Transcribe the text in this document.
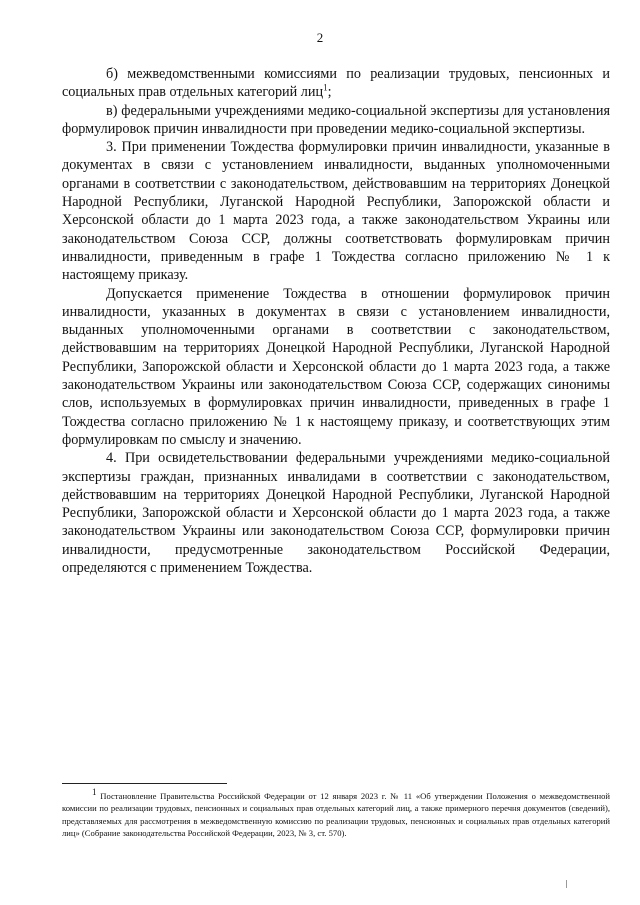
2

б) межведомственными комиссиями по реализации трудовых, пенсионных и социальных прав отдельных категорий лиц$^1$;

в) федеральными учреждениями медико-социальной экспертизы для установления формулировок причин инвалидности при проведении медико-социальной экспертизы.

3. При применении Тождества формулировки причин инвалидности, указанные в документах в связи с установлением инвалидности, выданных уполномоченными органами в соответствии с законодательством, действовавшим на территориях Донецкой Народной Республики, Луганской Народной Республики, Запорожской области и Херсонской области до 1 марта 2023 года, а также законодательством Украины или законодательством Союза ССР, должны соответствовать формулировкам причин инвалидности, приведенным в графе 1 Тождества согласно приложению № 1 к настоящему приказу.

Допускается применение Тождества в отношении формулировок причин инвалидности, указанных в документах в связи с установлением инвалидности, выданных уполномоченными органами в соответствии с законодательством, действовавшим на территориях Донецкой Народной Республики, Луганской Народной Республики, Запорожской области и Херсонской области до 1 марта 2023 года, а также законодательством Украины или законодательством Союза ССР, содержащих синонимы слов, используемых в формулировках причин инвалидности, приведенных в графе 1 Тождества согласно приложению № 1 к настоящему приказу, и соответствующих этим формулировкам по смыслу и значению.

4. При освидетельствовании федеральными учреждениями медико-социальной экспертизы граждан, признанных инвалидами в соответствии с законодательством, действовавшим на территориях Донецкой Народной Республики, Луганской Народной Республики, Запорожской области и Херсонской области до 1 марта 2023 года, а также законодательством Украины или законодательством Союза ССР, формулировки причин инвалидности, предусмотренные законодательством Российской Федерации, определяются с применением Тождества.

$^1$ Постановление Правительства Российской Федерации от 12 января 2023 г. № 11 «Об утверждении Положения о межведомственной комиссии по реализации трудовых, пенсионных и социальных прав отдельных категорий лиц, а также примерного перечня документов (сведений), представляемых для рассмотрения в межведомственную комиссию по реализации трудовых, пенсионных и социальных прав отдельных категорий лиц» (Собрание законодательства Российской Федерации, 2023, № 3, ст. 570).
